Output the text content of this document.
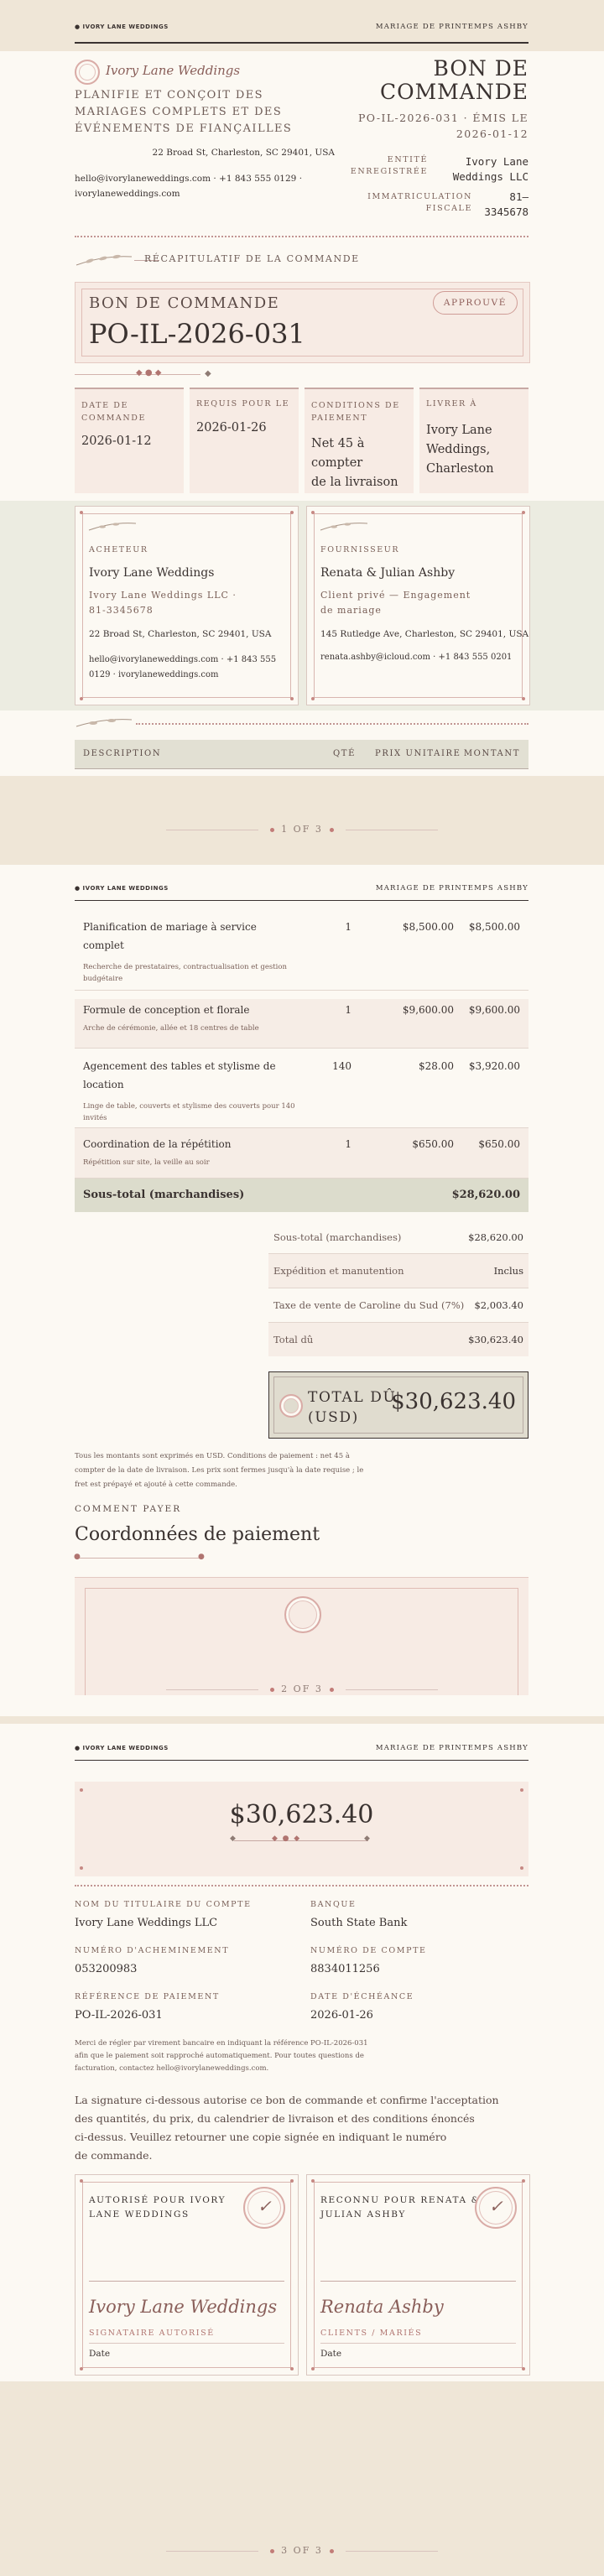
● IVORY LANE WEDDINGS	MARIAGE DE PRINTEMPS ASHBY
Ivory Lane Weddings
PLANIFIE ET CONÇOIT DES MARIAGES COMPLETS ET DES ÉVÉNEMENTS DE FIANÇAILLES
22 Broad St, Charleston, SC 29401, USA
hello@ivorylaneweddings.com · +1 843 555 0129 ·
ivorylaneweddings.com
BON DE
COMMANDE
PO-IL-2026-031 · ÉMIS LE
2026-01-12
ENTITÉ
ENREGISTRÉE
Ivory Lane
Weddings LLC
IMMATRICULATION
FISCALE
81–
3345678
RÉCAPITULATIF DE LA COMMANDE
BON DE COMMANDE
PO-IL-2026-031
APPROUVÉ
◆ ● ◆	◆
DATE DE
COMMANDE
2026-01-12
REQUIS POUR LE
2026-01-26
CONDITIONS DE
PAIEMENT
Net 45 à compter
de la livraison
LIVRER À
Ivory Lane
Weddings,
Charleston
ACHETEUR
Ivory Lane Weddings
Ivory Lane Weddings LLC ·
81-3345678
22 Broad St, Charleston, SC 29401, USA
hello@ivorylaneweddings.com · +1 843 555
0129 · ivorylaneweddings.com
FOURNISSEUR
Renata & Julian Ashby
Client privé — Engagement
de mariage
145 Rutledge Ave, Charleston, SC 29401, USA
renata.ashby@icloud.com · +1 843 555 0201
DESCRIPTION	QTÉ PRIX UNITAIRE MONTANT
1 OF 3
● IVORY LANE WEDDINGS	MARIAGE DE PRINTEMPS ASHBY
Planification de mariage à service
complet
Recherche de prestataires, contractualisation et gestion
budgétaire
1	$8,500.00 $8,500.00
Formule de conception et florale
Arche de cérémonie, allée et 18 centres de table
1	$9,600.00 $9,600.00
Agencement des tables et stylisme de
location
Linge de table, couverts et stylisme des couverts pour 140
invités
140	$28.00 $3,920.00
Coordination de la répétition
Répétition sur site, la veille au soir
1	$650.00 $650.00
Sous-total (marchandises)	$28,620.00
Sous-total (marchandises)	$28,620.00
Expédition et manutention	Inclus
Taxe de vente de Caroline du Sud (7%) $2,003.40
Total dû	$30,623.40
TOTAL DÛ
(USD)
$30,623.40
Tous les montants sont exprimés en USD. Conditions de paiement : net 45 à
compter de la date de livraison. Les prix sont fermes jusqu'à la date requise ; le
fret est prépayé et ajouté à cette commande.
COMMENT PAYER
Coordonnées de paiement
●	●
2 OF 3
● IVORY LANE WEDDINGS	MARIAGE DE PRINTEMPS ASHBY
$30,623.40
◆	◆  ●  ◆	◆
NOM DU TITULAIRE DU COMPTE
Ivory Lane Weddings LLC
BANQUE
South State Bank
NUMÉRO D'ACHEMINEMENT
053200983
NUMÉRO DE COMPTE
8834011256
RÉFÉRENCE DE PAIEMENT
PO-IL-2026-031
DATE D'ÉCHÉANCE
2026-01-26
Merci de régler par virement bancaire en indiquant la référence PO-IL-2026-031
afin que le paiement soit rapproché automatiquement. Pour toutes questions de
facturation, contactez hello@ivorylaneweddings.com.
La signature ci-dessous autorise ce bon de commande et confirme l'acceptation
des quantités, du prix, du calendrier de livraison et des conditions énoncés
ci-dessus. Veuillez retourner une copie signée en indiquant le numéro
de commande.
AUTORISÉ POUR IVORY
LANE WEDDINGS	✓
Ivory Lane Weddings
SIGNATAIRE AUTORISÉ
Date
RECONNU POUR RENATA &
JULIAN ASHBY	✓
Renata Ashby
CLIENTS / MARIÉS
Date
3 OF 3
